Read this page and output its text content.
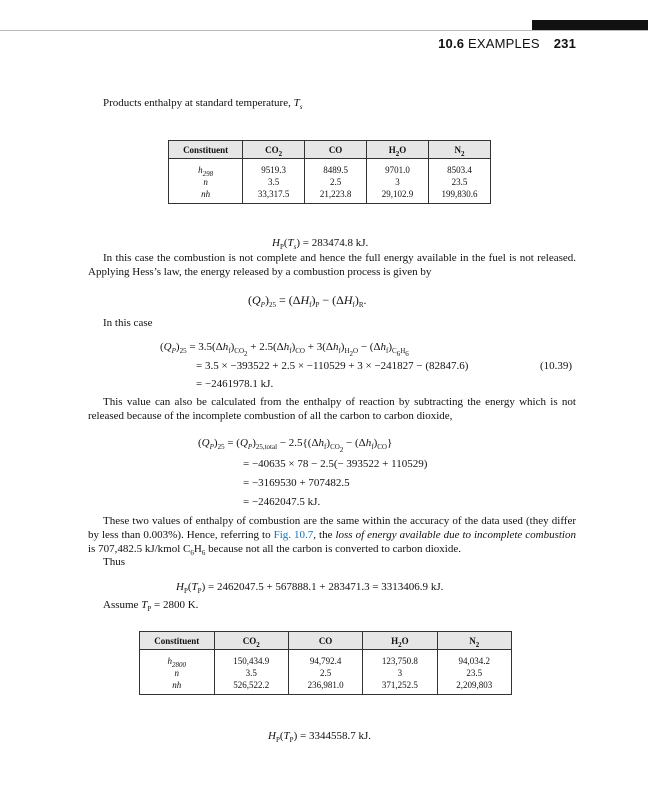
10.6 EXAMPLES 231
Products enthalpy at standard temperature, $T_s$
Constituent	$CO_2$	CO	$H_2O$	$N_2$
$h_{298}$	9519.3	8489.5	9701.0	8503.4
n	3.5	2.5	3	23.5
nh	33,317.5	21,223.8	29,102.9	199,830.6
$H_P(T_s) = 283474.8$ kJ.
In this case the combustion is not complete and hence the full energy available in the fuel is not released. Applying Hess’s law, the energy released by a combustion process is given by
$(Q_P)_{25} = (\Delta H_f)_P - (\Delta H_f)_R$.
In this case
$(Q_P)_{25} = 3.5(\Delta h_f)_{CO_2} + 2.5(\Delta h_f)_{CO} + 3(\Delta h_f)_{H_2O} - (\Delta h_f)_{C_6H_6}$
= 3.5 × −393522 + 2.5 × −110529 + 3 × −241827 − (82847.6)	(10.39)
= −2461978.1 kJ.
This value can also be calculated from the enthalpy of reaction by subtracting the energy which is not released because of the incomplete combustion of all the carbon to carbon dioxide,
$(Q_P)_{25} = (Q_P)_{25,total} - 2.5\{(\Delta h_f)_{CO_2} - (\Delta h_f)_{CO}\}$
= −40635 × 78 − 2.5(− 393522 + 110529)
= −3169530 + 707482.5
= −2462047.5 kJ.
These two values of enthalpy of combustion are the same within the accuracy of the data used (they differ by less than 0.003%). Hence, referring to Fig. 10.7, the loss of energy available due to incomplete combustion is 707,482.5 kJ/kmol $C_6H_6$ because not all the carbon is converted to carbon dioxide.
Thus
$H_P(T_P) = 2462047.5 + 567888.1 + 283471.3 = 3313406.9$ kJ.
Assume $T_P = 2800$ K.
Constituent	$CO_2$	CO	$H_2O$	$N_2$
$h_{2800}$	150,434.9	94,792.4	123,750.8	94,034.2
n	3.5	2.5	3	23.5
nh	526,522.2	236,981.0	371,252.5	2,209,803
$H_P(T_P) = 3344558.7$ kJ.
